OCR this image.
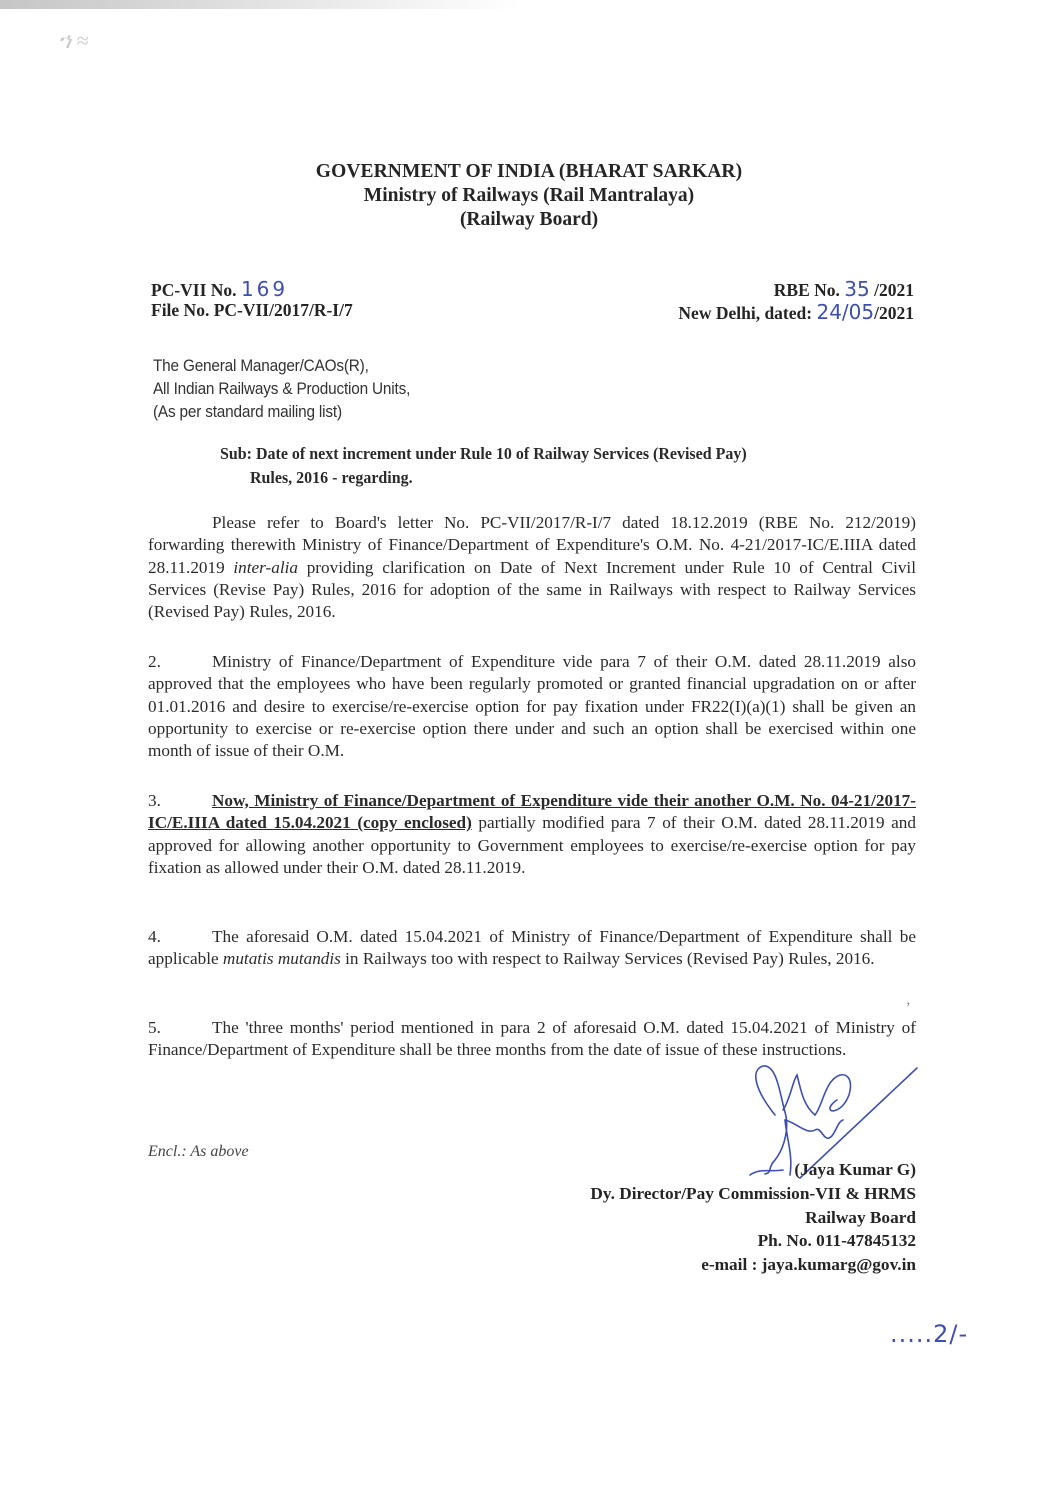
ኀ ≈
GOVERNMENT OF INDIA (BHARAT SARKAR)
Ministry of Railways (Rail Mantralaya)
(Railway Board)
PC-VII No. 169
File No. PC-VII/2017/R-I/7
RBE No. 35 /2021
New Delhi, dated: 24/05/2021
The General Manager/CAOs(R),
All Indian Railways & Production Units,
(As per standard mailing list)
Sub: Date of next increment under Rule 10 of Railway Services (Revised Pay)
Rules, 2016 - regarding.
Please refer to Board's letter No. PC-VII/2017/R-I/7 dated 18.12.2019 (RBE No. 212/2019) forwarding therewith Ministry of Finance/Department of Expenditure's O.M. No. 4-21/2017-IC/E.IIIA dated 28.11.2019 inter-alia providing clarification on Date of Next Increment under Rule 10 of Central Civil Services (Revise Pay) Rules, 2016 for adoption of the same in Railways with respect to Railway Services (Revised Pay) Rules, 2016.
2.	Ministry of Finance/Department of Expenditure vide para 7 of their O.M. dated 28.11.2019 also approved that the employees who have been regularly promoted or granted financial upgradation on or after 01.01.2016 and desire to exercise/re-exercise option for pay fixation under FR22(I)(a)(1) shall be given an opportunity to exercise or re-exercise option there under and such an option shall be exercised within one month of issue of their O.M.
3.	Now, Ministry of Finance/Department of Expenditure vide their another O.M. No. 04-21/2017-IC/E.IIIA dated 15.04.2021 (copy enclosed) partially modified para 7 of their O.M. dated 28.11.2019 and approved for allowing another opportunity to Government employees to exercise/re-exercise option for pay fixation as allowed under their O.M. dated 28.11.2019.
4.	The aforesaid O.M. dated 15.04.2021 of Ministry of Finance/Department of Expenditure shall be applicable mutatis mutandis in Railways too with respect to Railway Services (Revised Pay) Rules, 2016.
,
5.	The 'three months' period mentioned in para 2 of aforesaid O.M. dated 15.04.2021 of Ministry of Finance/Department of Expenditure shall be three months from the date of issue of these instructions.
Encl.: As above
(Jaya Kumar G)
Dy. Director/Pay Commission-VII & HRMS
Railway Board
Ph. No. 011-47845132
e-mail : jaya.kumarg@gov.in
.....2/-
